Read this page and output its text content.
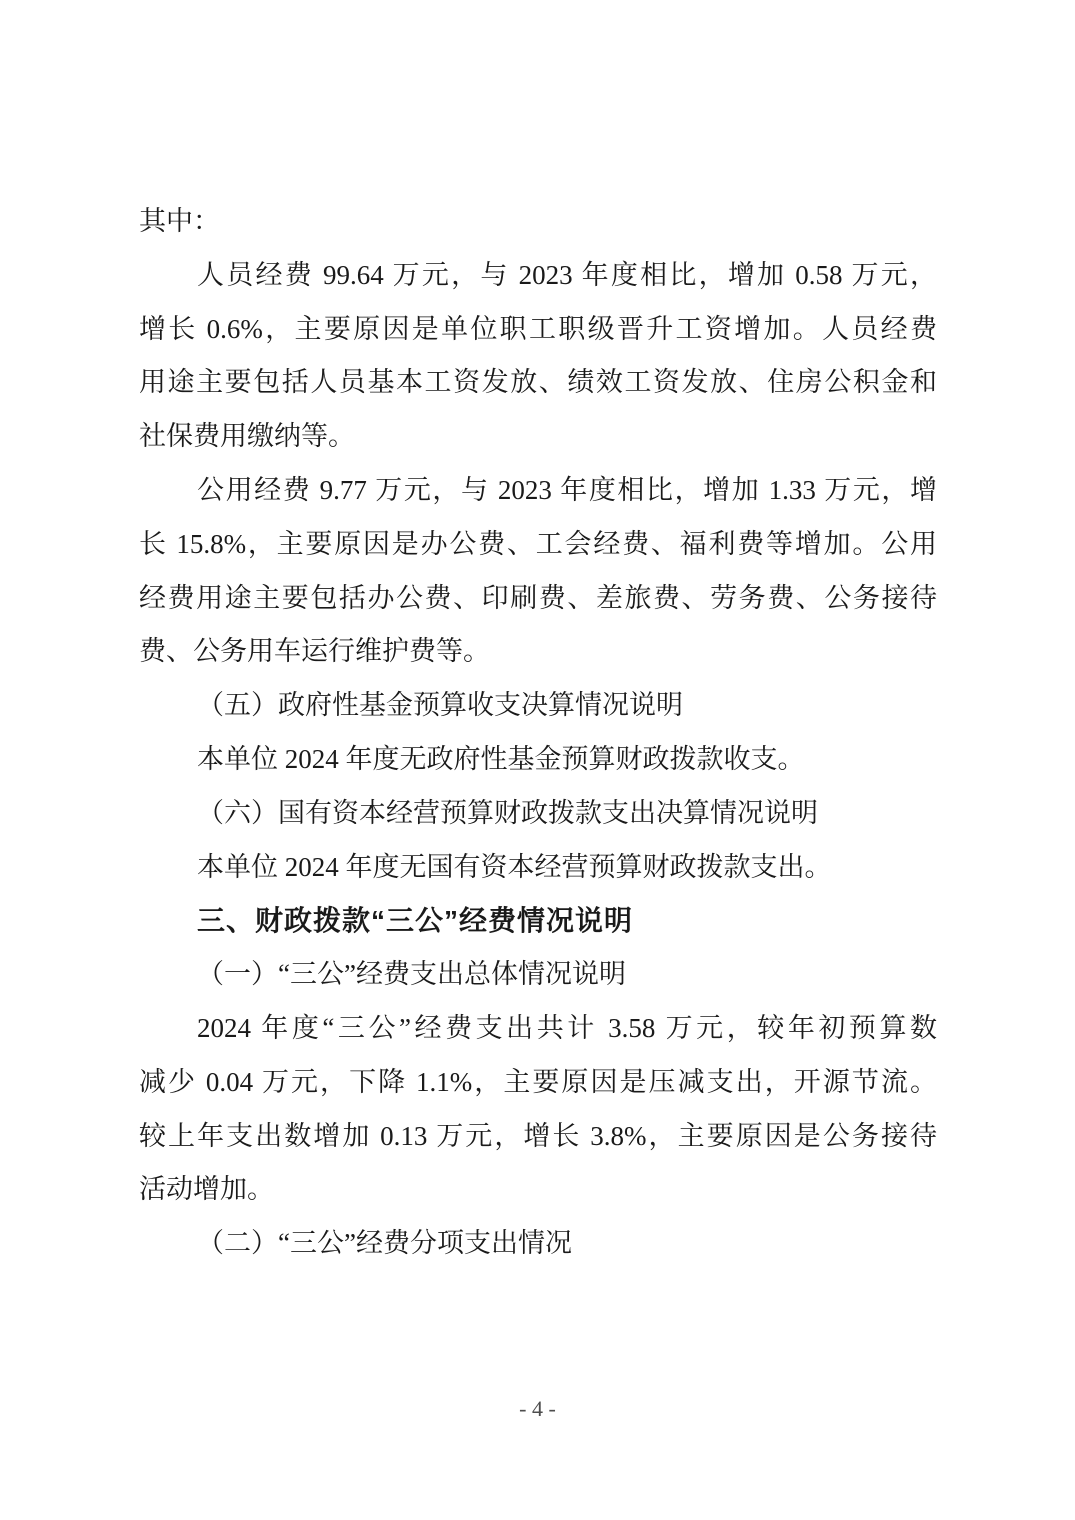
其中：
人员经费 99.64 万元，与 2023 年度相比，增加 0.58 万元，
增长 0.6%，主要原因是单位职工职级晋升工资增加。人员经费
用途主要包括人员基本工资发放、绩效工资发放、住房公积金和
社保费用缴纳等。
公用经费 9.77 万元，与 2023 年度相比，增加 1.33 万元，增
长 15.8%，主要原因是办公费、工会经费、福利费等增加。公用
经费用途主要包括办公费、印刷费、差旅费、劳务费、公务接待
费、公务用车运行维护费等。
（五）政府性基金预算收支决算情况说明
本单位 2024 年度无政府性基金预算财政拨款收支。
（六）国有资本经营预算财政拨款支出决算情况说明
本单位 2024 年度无国有资本经营预算财政拨款支出。
三、财政拨款“三公”经费情况说明
（一）“三公”经费支出总体情况说明
2024 年度“三公”经费支出共计 3.58 万元，较年初预算数
减少 0.04 万元，下降 1.1%，主要原因是压减支出，开源节流。
较上年支出数增加 0.13 万元，增长 3.8%，主要原因是公务接待
活动增加。
（二）“三公”经费分项支出情况
- 4 -
